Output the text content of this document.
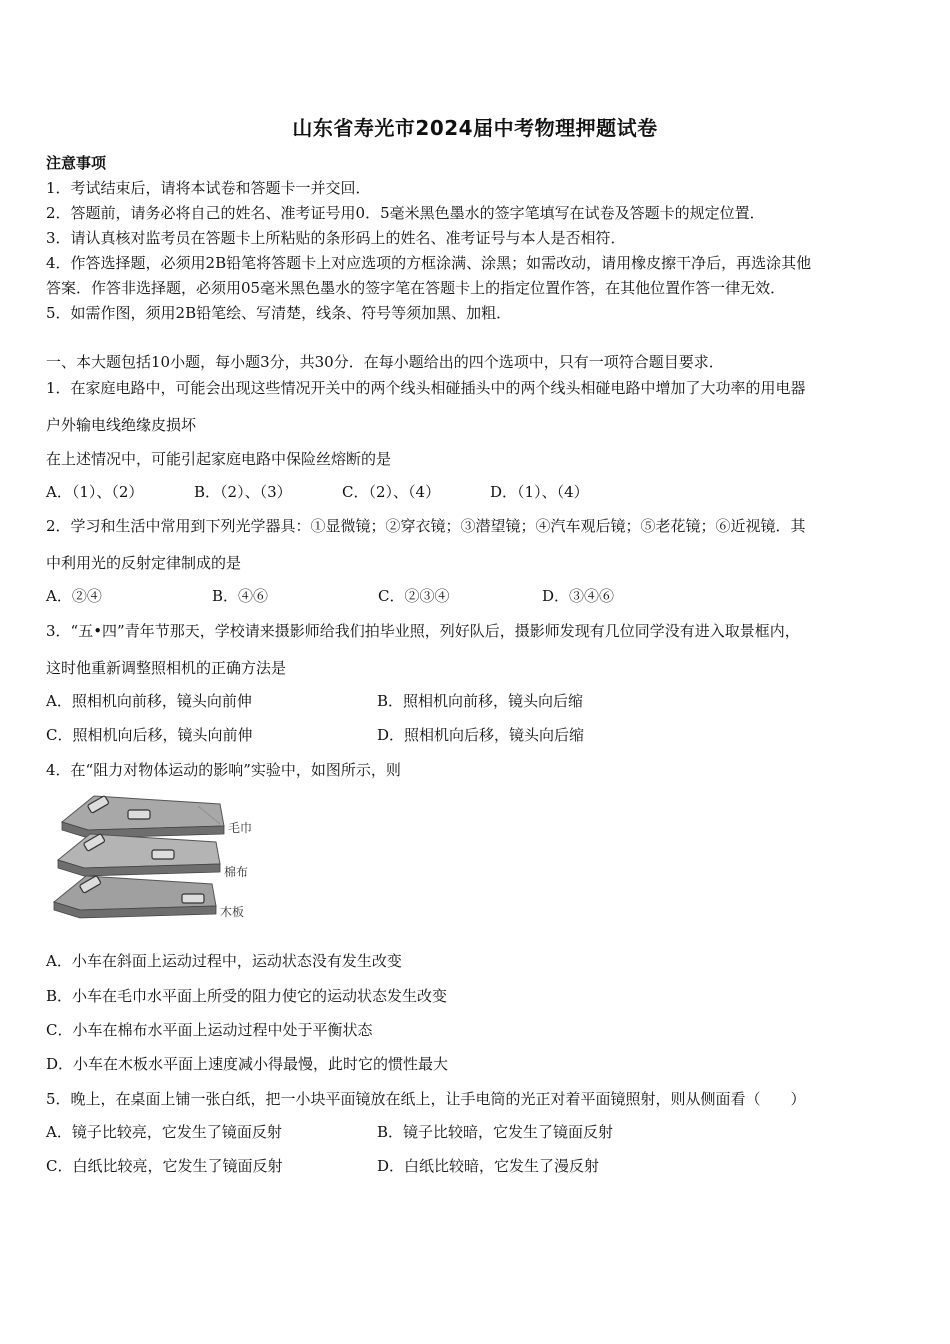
山东省寿光市2024届中考物理押题试卷
注意事项
1．考试结束后，请将本试卷和答题卡一并交回．
2．答题前，请务必将自己的姓名、准考证号用0．5毫米黑色墨水的签字笔填写在试卷及答题卡的规定位置．
3．请认真核对监考员在答题卡上所粘贴的条形码上的姓名、准考证号与本人是否相符．
4．作答选择题，必须用2B铅笔将答题卡上对应选项的方框涂满、涂黑；如需改动，请用橡皮擦干净后，再选涂其他
答案．作答非选择题，必须用05毫米黑色墨水的签字笔在答题卡上的指定位置作答，在其他位置作答一律无效．
5．如需作图，须用2B铅笔绘、写清楚，线条、符号等须加黑、加粗．
一、本大题包括10小题，每小题3分，共30分．在每小题给出的四个选项中，只有一项符合题目要求．
1．在家庭电路中，可能会出现这些情况开关中的两个线头相碰插头中的两个线头相碰电路中增加了大功率的用电器
户外输电线绝缘皮损坏
在上述情况中，可能引起家庭电路中保险丝熔断的是
A．（1）、（2）	B．（2）、（3）	C．（2）、（4）	D．（1）、（4）
2．学习和生活中常用到下列光学器具：①显微镜；②穿衣镜；③潜望镜；④汽车观后镜；⑤老花镜；⑥近视镜．其
中利用光的反射定律制成的是
A．②④	B．④⑥	C．②③④	D．③④⑥
3．“五•四”青年节那天，学校请来摄影师给我们拍毕业照，列好队后，摄影师发现有几位同学没有进入取景框内，
这时他重新调整照相机的正确方法是
A．照相机向前移，镜头向前伸	B．照相机向前移，镜头向后缩
C．照相机向后移，镜头向前伸	D．照相机向后移，镜头向后缩
4．在“阻力对物体运动的影响”实验中，如图所示，则
毛巾
棉布
木板
A．小车在斜面上运动过程中，运动状态没有发生改变
B．小车在毛巾水平面上所受的阻力使它的运动状态发生改变
C．小车在棉布水平面上运动过程中处于平衡状态
D．小车在木板水平面上速度减小得最慢，此时它的惯性最大
5．晚上，在桌面上铺一张白纸，把一小块平面镜放在纸上，让手电筒的光正对着平面镜照射，则从侧面看（　　）
A．镜子比较亮，它发生了镜面反射	B．镜子比较暗，它发生了镜面反射
C．白纸比较亮，它发生了镜面反射	D．白纸比较暗，它发生了漫反射
